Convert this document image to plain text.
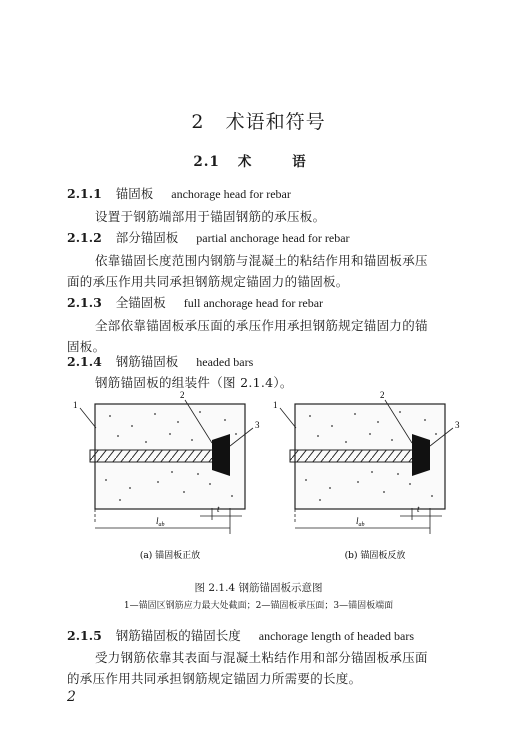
2 术语和符号
2.1 术 语
2.1.1 锚固板 anchorage head for rebar
设置于钢筋端部用于锚固钢筋的承压板。
2.1.2 部分锚固板 partial anchorage head for rebar
依靠锚固长度范围内钢筋与混凝土的粘结作用和锚固板承压
面的承压作用共同承担钢筋规定锚固力的锚固板。
2.1.3 全锚固板 full anchorage head for rebar
全部依靠锚固板承压面的承压作用承担钢筋规定锚固力的锚
固板。
2.1.4 钢筋锚固板 headed bars
钢筋锚固板的组装件（图 2.1.4）。
1
2
3
$l_{ab}$
t
(a) 锚固板正放
1
2
3
$l_{ab}$
t
(b) 锚固板反放
图 2.1.4 钢筋锚固板示意图
1—锚固区钢筋应力最大处截面；2—锚固板承压面；3—锚固板端面
2.1.5 钢筋锚固板的锚固长度 anchorage length of headed bars
受力钢筋依靠其表面与混凝土粘结作用和部分锚固板承压面
的承压作用共同承担钢筋规定锚固力所需要的长度。
2
